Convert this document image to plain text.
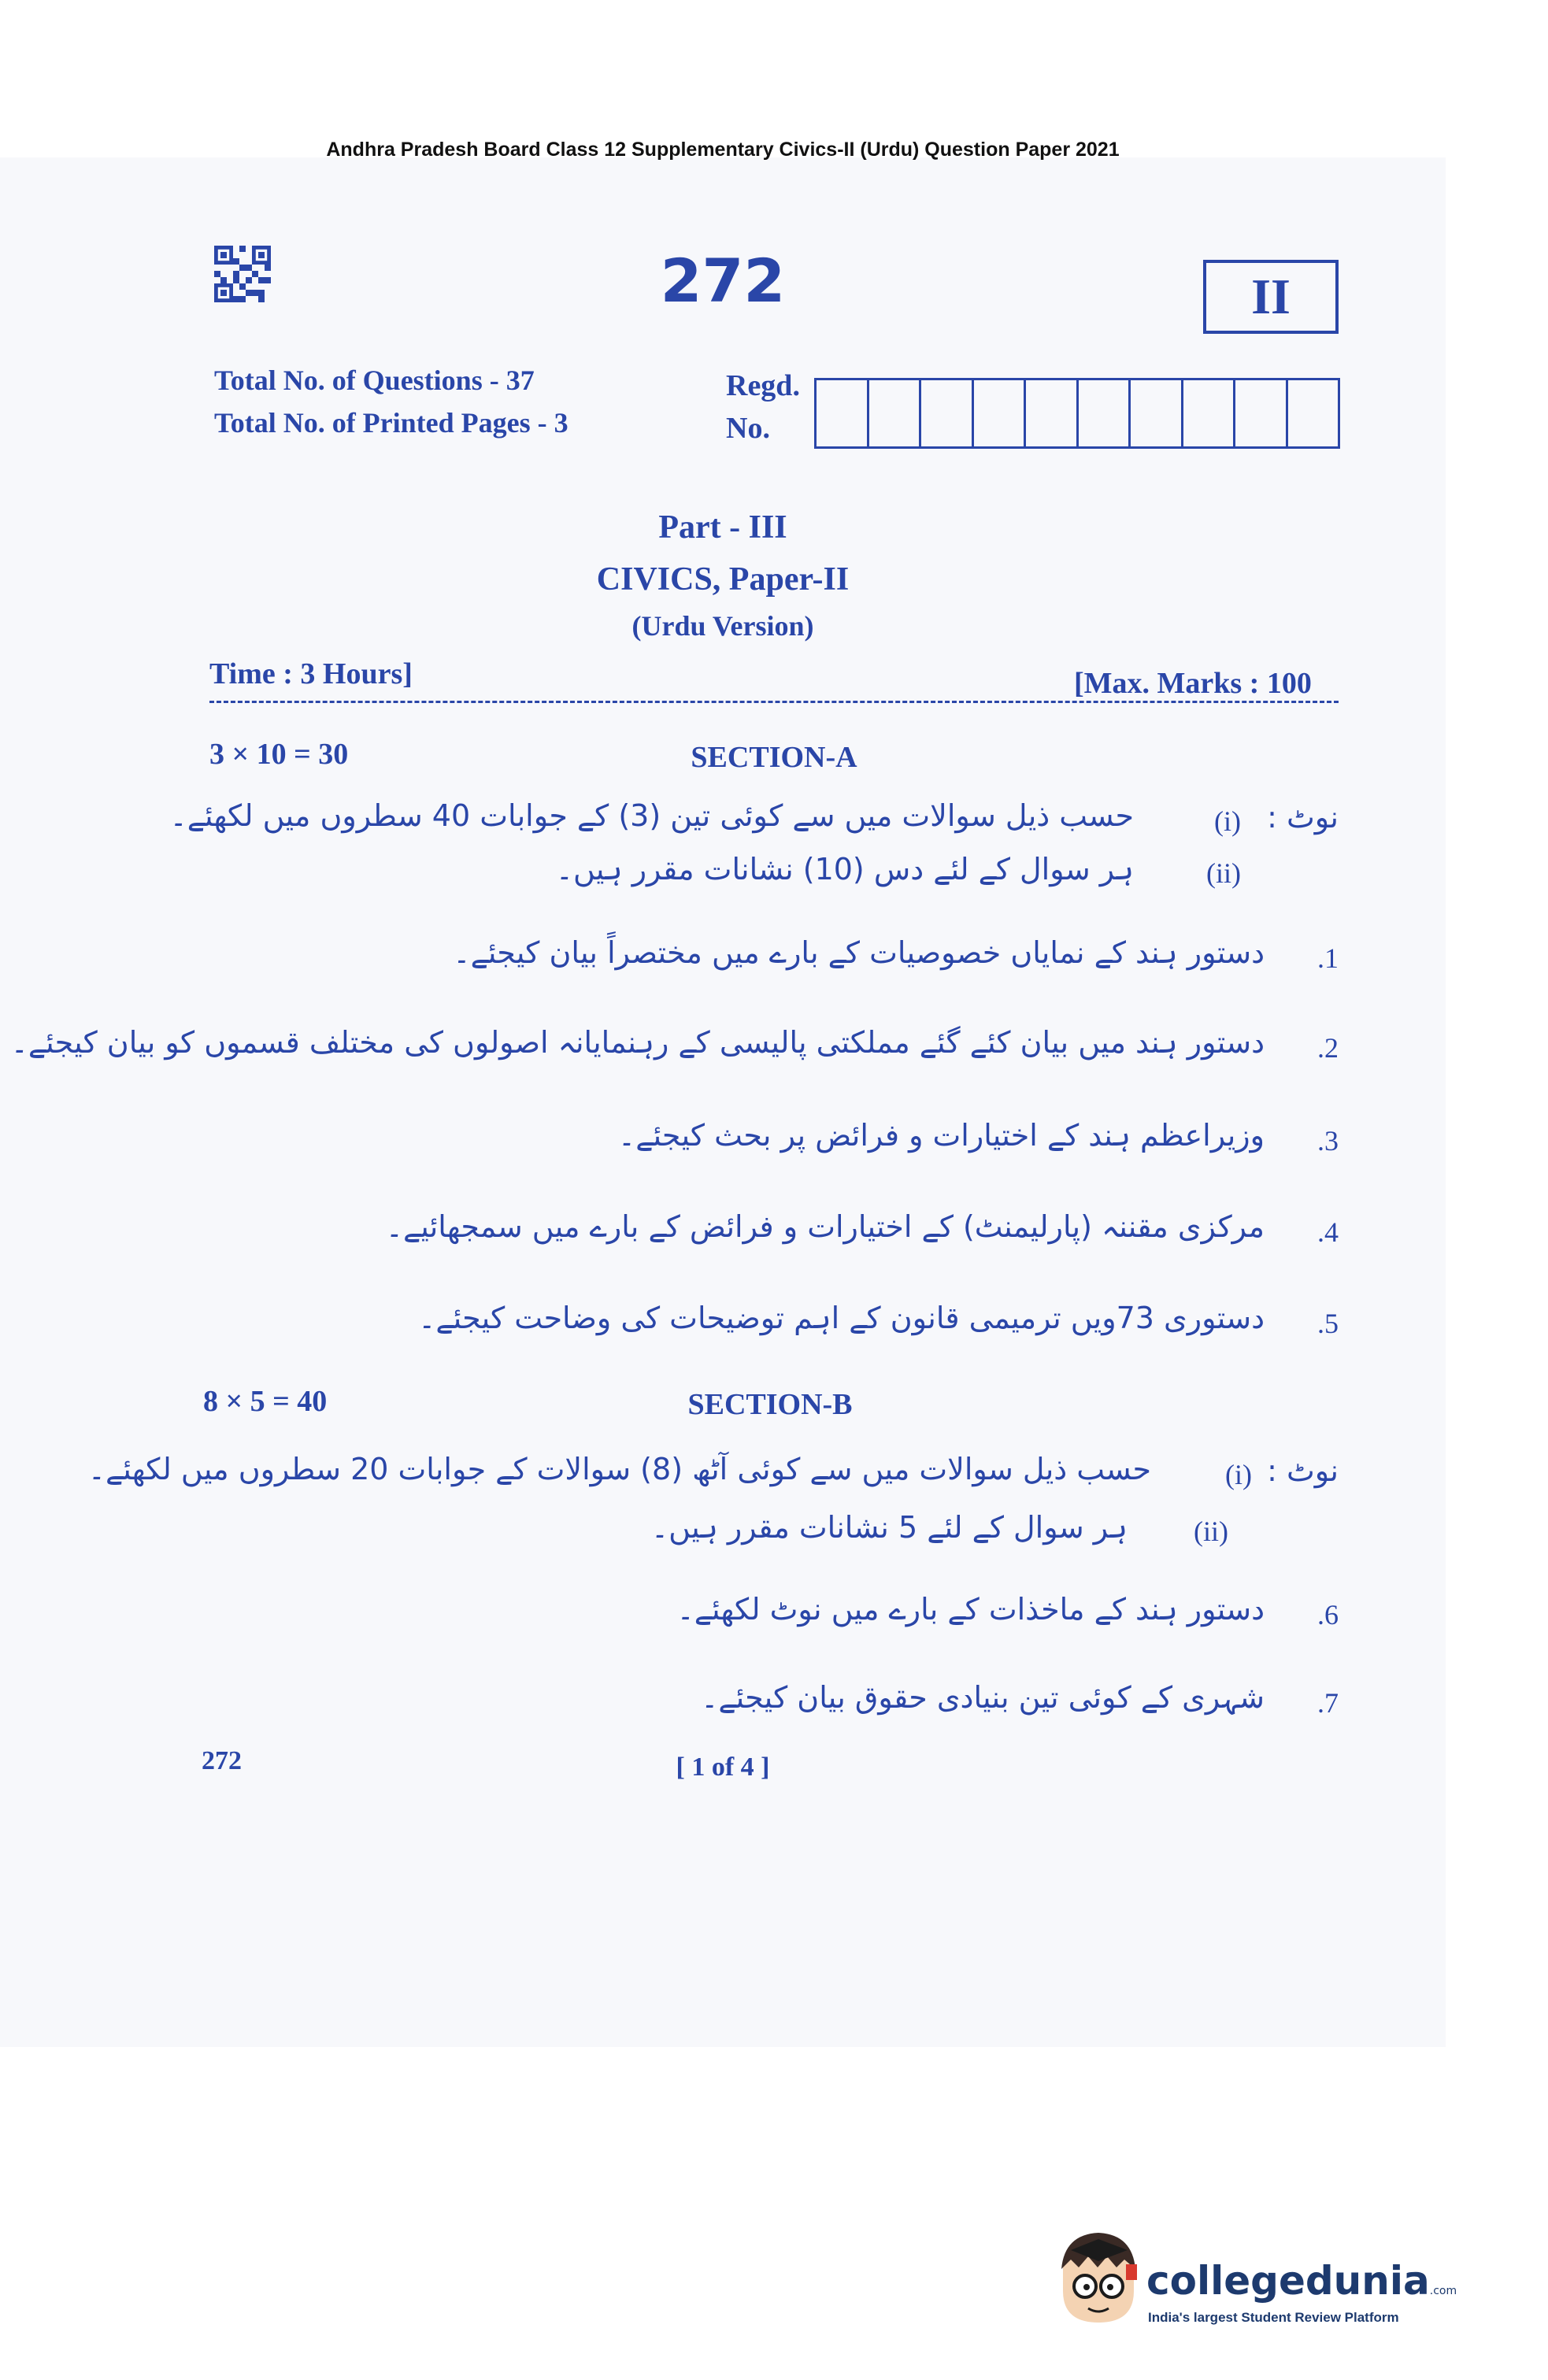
Andhra Pradesh Board Class 12 Supplementary Civics-II (Urdu) Question Paper 2021
272	II
Total No. of Questions - 37
Total No. of Printed Pages - 3
Regd.
No.
Part - III
CIVICS, Paper-II
(Urdu Version)
Time : 3 Hours]	[Max. Marks : 100
3 × 10 = 30	SECTION-A
نوٹ :
(i)
حسب ذیل سوالات میں سے کوئی تین (3) کے جوابات 40 سطروں میں لکھئے۔
(ii)
ہر سوال کے لئے دس (10) نشانات مقرر ہیں۔
.1
دستور ہند کے نمایاں خصوصیات کے بارے میں مختصراً بیان کیجئے۔
.2
دستور ہند میں بیان کئے گئے مملکتی پالیسی کے رہنمایانہ اصولوں کی مختلف قسموں کو بیان کیجئے۔
.3
وزیراعظم ہند کے اختیارات و فرائض پر بحث کیجئے۔
.4
مرکزی مقننہ (پارلیمنٹ) کے اختیارات و فرائض کے بارے میں سمجھائیے۔
.5
دستوری 73ویں ترمیمی قانون کے اہم توضیحات کی وضاحت کیجئے۔
8 × 5 = 40	SECTION-B
نوٹ :
(i)
حسب ذیل سوالات میں سے کوئی آٹھ (8) سوالات کے جوابات 20 سطروں میں لکھئے۔
(ii)
ہر سوال کے لئے 5 نشانات مقرر ہیں۔
.6
دستور ہند کے ماخذات کے بارے میں نوٹ لکھئے۔
.7
شہری کے کوئی تین بنیادی حقوق بیان کیجئے۔
272	[ 1 of 4 ]
collegedunia.com
India's largest Student Review Platform
